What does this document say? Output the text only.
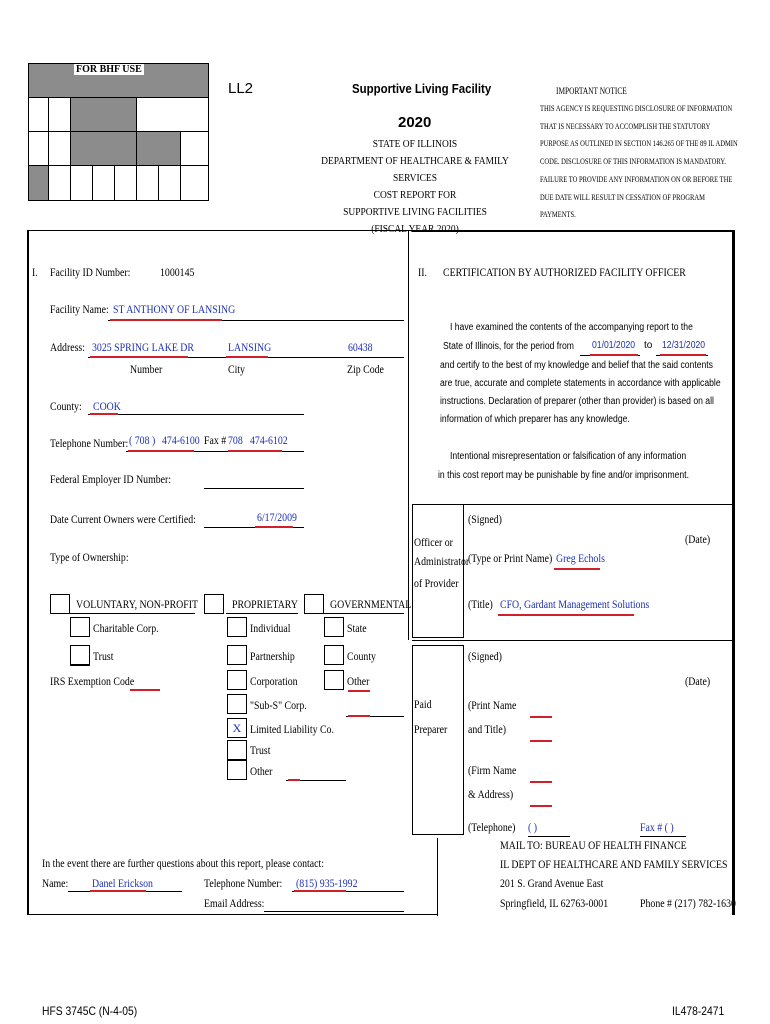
FOR BHF USE
LL2	Supportive Living Facility
2020
STATE OF ILLINOIS
DEPARTMENT OF HEALTHCARE & FAMILY SERVICES
COST REPORT FOR
SUPPORTIVE LIVING FACILITIES
(FISCAL YEAR 2020)
IMPORTANT NOTICE
THIS AGENCY IS REQUESTING DISCLOSURE OF INFORMATION
THAT IS NECESSARY TO ACCOMPLISH THE STATUTORY
PURPOSE AS OUTLINED IN SECTION 146.265 OF THE 89 IL ADMIN
CODE. DISCLOSURE OF THIS INFORMATION IS MANDATORY.
FAILURE TO PROVIDE ANY INFORMATION ON OR BEFORE THE
DUE DATE WILL RESULT IN CESSATION OF PROGRAM
PAYMENTS.
I. Facility ID Number: 1000145
Facility Name: ST ANTHONY OF LANSING
Address: 3025 SPRING LAKE DR	LANSING	60438
Number	City	Zip Code
County: COOK
Telephone Number: ( 708 ) 474-6100 Fax # 708 474-6102
Federal Employer ID Number:
Date Current Owners were Certified:	6/17/2009
Type of Ownership:
VOLUNTARY, NON-PROFIT
Charitable Corp.
Trust
IRS Exemption Code
PROPRIETARY
Individual
Partnership
Corporation
"Sub-S" Corp.
X Limited Liability Co.
Trust
Other
GOVERNMENTAL
State
County
Other
II. CERTIFICATION BY AUTHORIZED FACILITY OFFICER
I have examined the contents of the accompanying report to the
State of Illinois, for the period from 01/01/2020 to 12/31/2020
and certify to the best of my knowledge and belief that the said contents
are true, accurate and complete statements in accordance with applicable
instructions. Declaration of preparer (other than provider) is based on all
information of which preparer has any knowledge.
Intentional misrepresentation or falsification of any information
in this cost report may be punishable by fine and/or imprisonment.
Officer or
Administrator
of Provider
(Signed)
(Date)
(Type or Print Name) Greg Echols
(Title) CFO, Gardant Management Solutions
Paid
Preparer
(Signed)
(Date)
(Print Name
and Title)
(Firm Name
& Address)
(Telephone) ( )	Fax # ( )
MAIL TO: BUREAU OF HEALTH FINANCE
IL DEPT OF HEALTHCARE AND FAMILY SERVICES
201 S. Grand Avenue East
Springfield, IL 62763-0001	Phone # (217) 782-1630
In the event there are further questions about this report, please contact:
Name: Danel Erickson	Telephone Number: (815) 935-1992
Email Address:
HFS 3745C (N-4-05)	IL478-2471
